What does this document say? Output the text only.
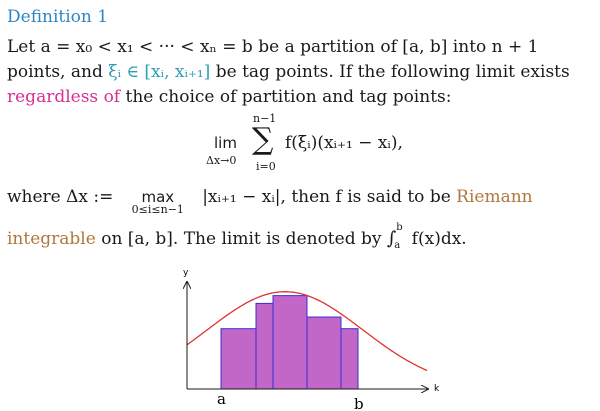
Definition 1
Let a = x₀ < x₁ < ··· < xₙ = b be a partition of [a, b] into n + 1
points, and ξᵢ ∈ [xᵢ, xᵢ₊₁] be tag points. If the following limit exists
regardless of the choice of partition and tag points:
lim
Δx→0
n−1
∑
i=0
f(ξᵢ)(xᵢ₊₁ − xᵢ),
where Δx := max
0≤i≤n−1
|xᵢ₊₁ − xᵢ|, then f is said to be Riemann
integrable on [a, b]. The limit is denoted by ∫
b
a f(x)dx.
y
k
a	b
